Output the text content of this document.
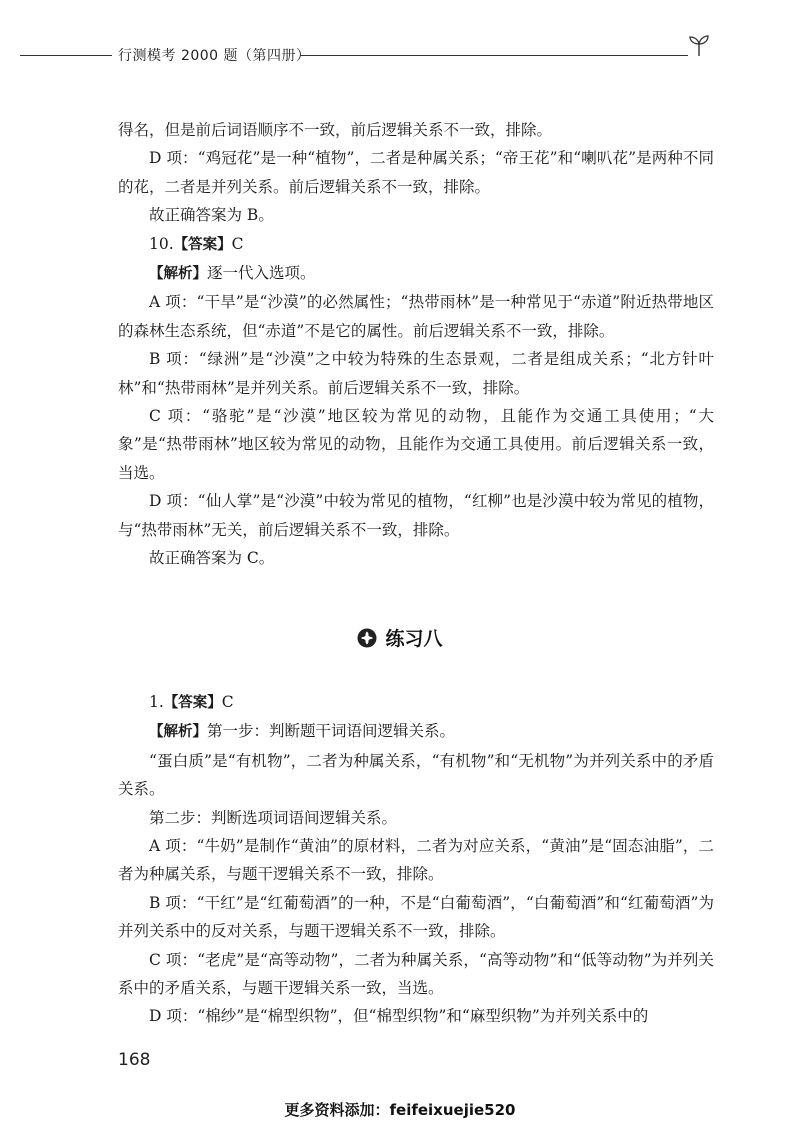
行测模考 2000 题（第四册）

得名，但是前后词语顺序不一致，前后逻辑关系不一致，排除。

D 项：“鸡冠花”是一种“植物”，二者是种属关系；“帝王花”和“喇叭花”是两种不同的花，二者是并列关系。前后逻辑关系不一致，排除。

故正确答案为 B。

10.【答案】C

【解析】逐一代入选项。

A 项：“干旱”是“沙漠”的必然属性；“热带雨林”是一种常见于“赤道”附近热带地区的森林生态系统，但“赤道”不是它的属性。前后逻辑关系不一致，排除。

B 项：“绿洲”是“沙漠”之中较为特殊的生态景观，二者是组成关系；“北方针叶林”和“热带雨林”是并列关系。前后逻辑关系不一致，排除。

C 项：“骆驼”是“沙漠”地区较为常见的动物，且能作为交通工具使用；“大象”是“热带雨林”地区较为常见的动物，且能作为交通工具使用。前后逻辑关系一致，当选。

D 项：“仙人掌”是“沙漠”中较为常见的植物，“红柳”也是沙漠中较为常见的植物，与“热带雨林”无关，前后逻辑关系不一致，排除。

故正确答案为 C。

练习八

1.【答案】C

【解析】第一步：判断题干词语间逻辑关系。

“蛋白质”是“有机物”，二者为种属关系，“有机物”和“无机物”为并列关系中的矛盾关系。

第二步：判断选项词语间逻辑关系。

A 项：“牛奶”是制作“黄油”的原材料，二者为对应关系，“黄油”是“固态油脂”，二者为种属关系，与题干逻辑关系不一致，排除。

B 项：“干红”是“红葡萄酒”的一种，不是“白葡萄酒”，“白葡萄酒”和“红葡萄酒”为并列关系中的反对关系，与题干逻辑关系不一致，排除。

C 项：“老虎”是“高等动物”，二者为种属关系，“高等动物”和“低等动物”为并列关系中的矛盾关系，与题干逻辑关系一致，当选。

D 项：“棉纱”是“棉型织物”，但“棉型织物”和“麻型织物”为并列关系中的

168
更多资料添加：feifeixuejie520
